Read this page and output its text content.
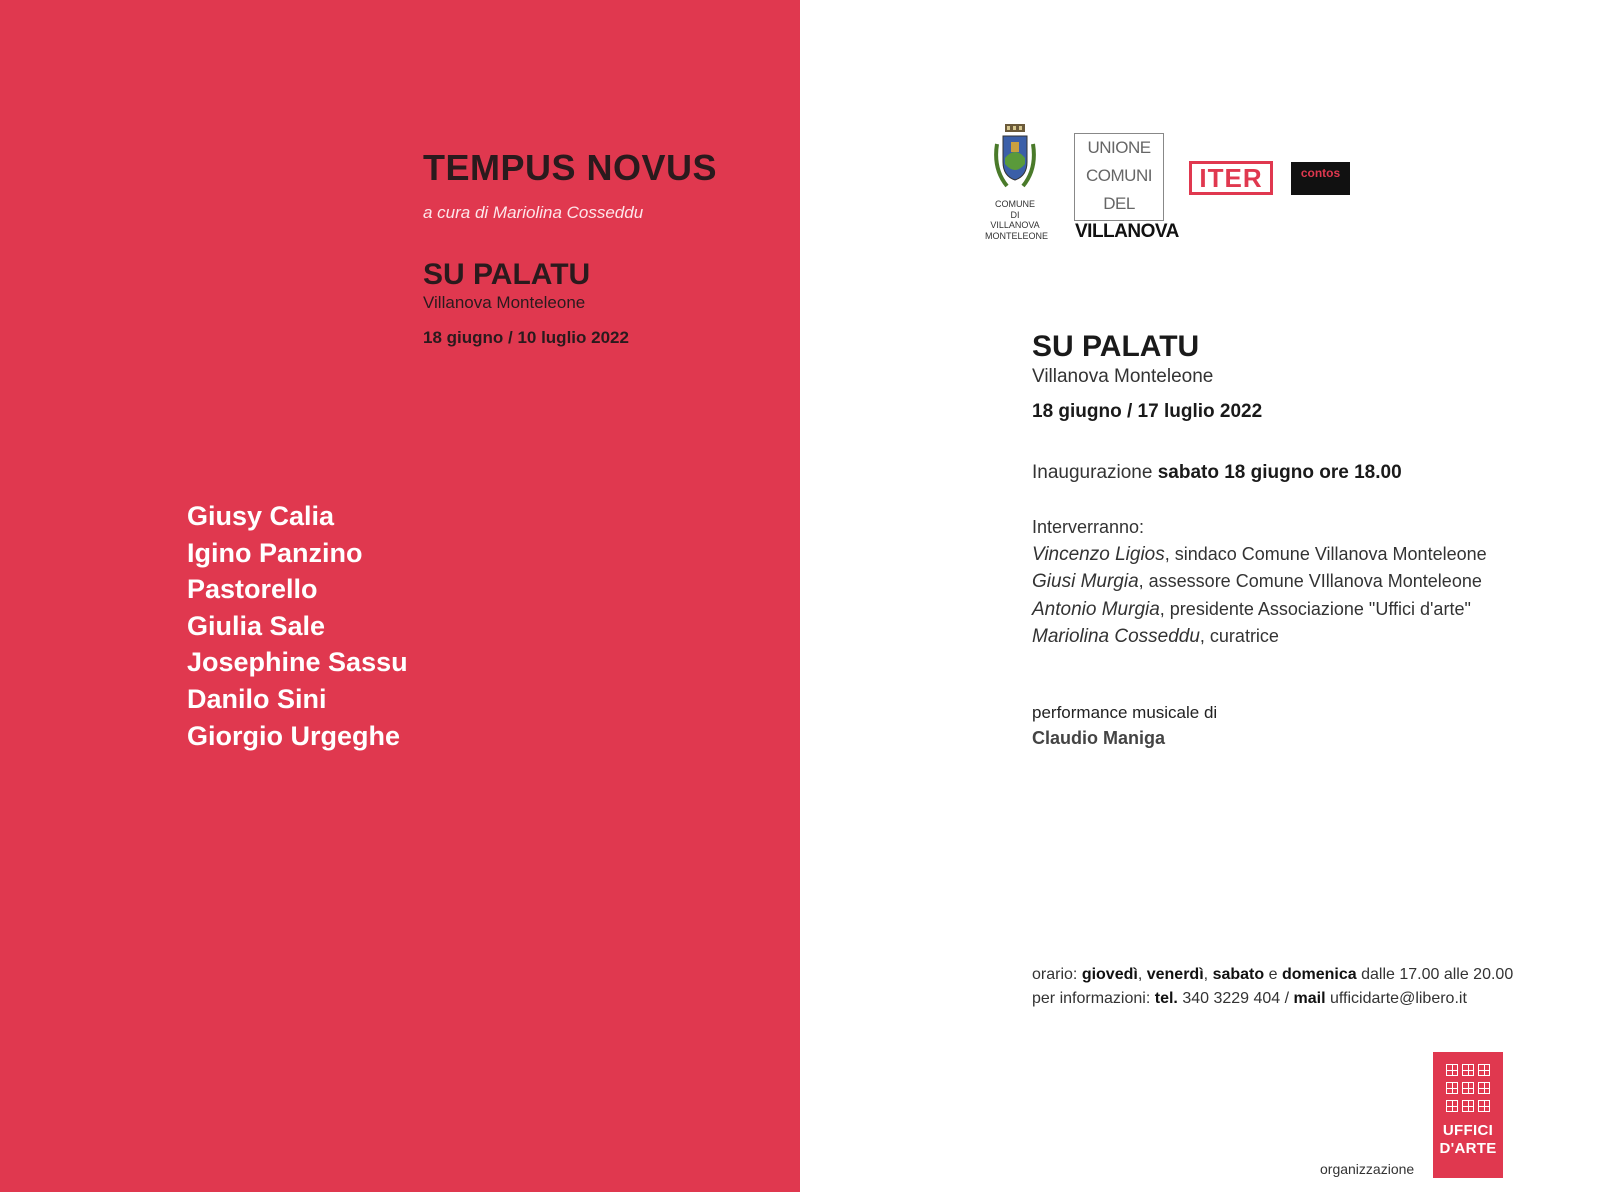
TEMPUS NOVUS
a cura di Mariolina Cosseddu
SU PALATU
Villanova Monteleone
18 giugno / 10 luglio 2022
Giusy Calia
Igino Panzino
Pastorello
Giulia Sale
Josephine Sassu
Danilo Sini
Giorgio Urgeghe
COMUNE
DI VILLANOVA
MONTELEONE
UNIONE
COMUNI DEL
VILLANOVA
ITER	contos
SU PALATU
Villanova Monteleone
18 giugno / 17 luglio 2022
Inaugurazione sabato 18 giugno ore 18.00
Interverranno:
Vincenzo Ligios, sindaco Comune Villanova Monteleone
Giusi Murgia, assessore Comune VIllanova Monteleone
Antonio Murgia, presidente Associazione "Uffici d'arte"
Mariolina Cosseddu, curatrice
performance musicale di
Claudio Maniga
orario: giovedì, venerdì, sabato e domenica dalle 17.00 alle 20.00
per informazioni: tel. 340 3229 404 / mail ufficidarte@libero.it
organizzazione
UFFICI
D'ARTE
